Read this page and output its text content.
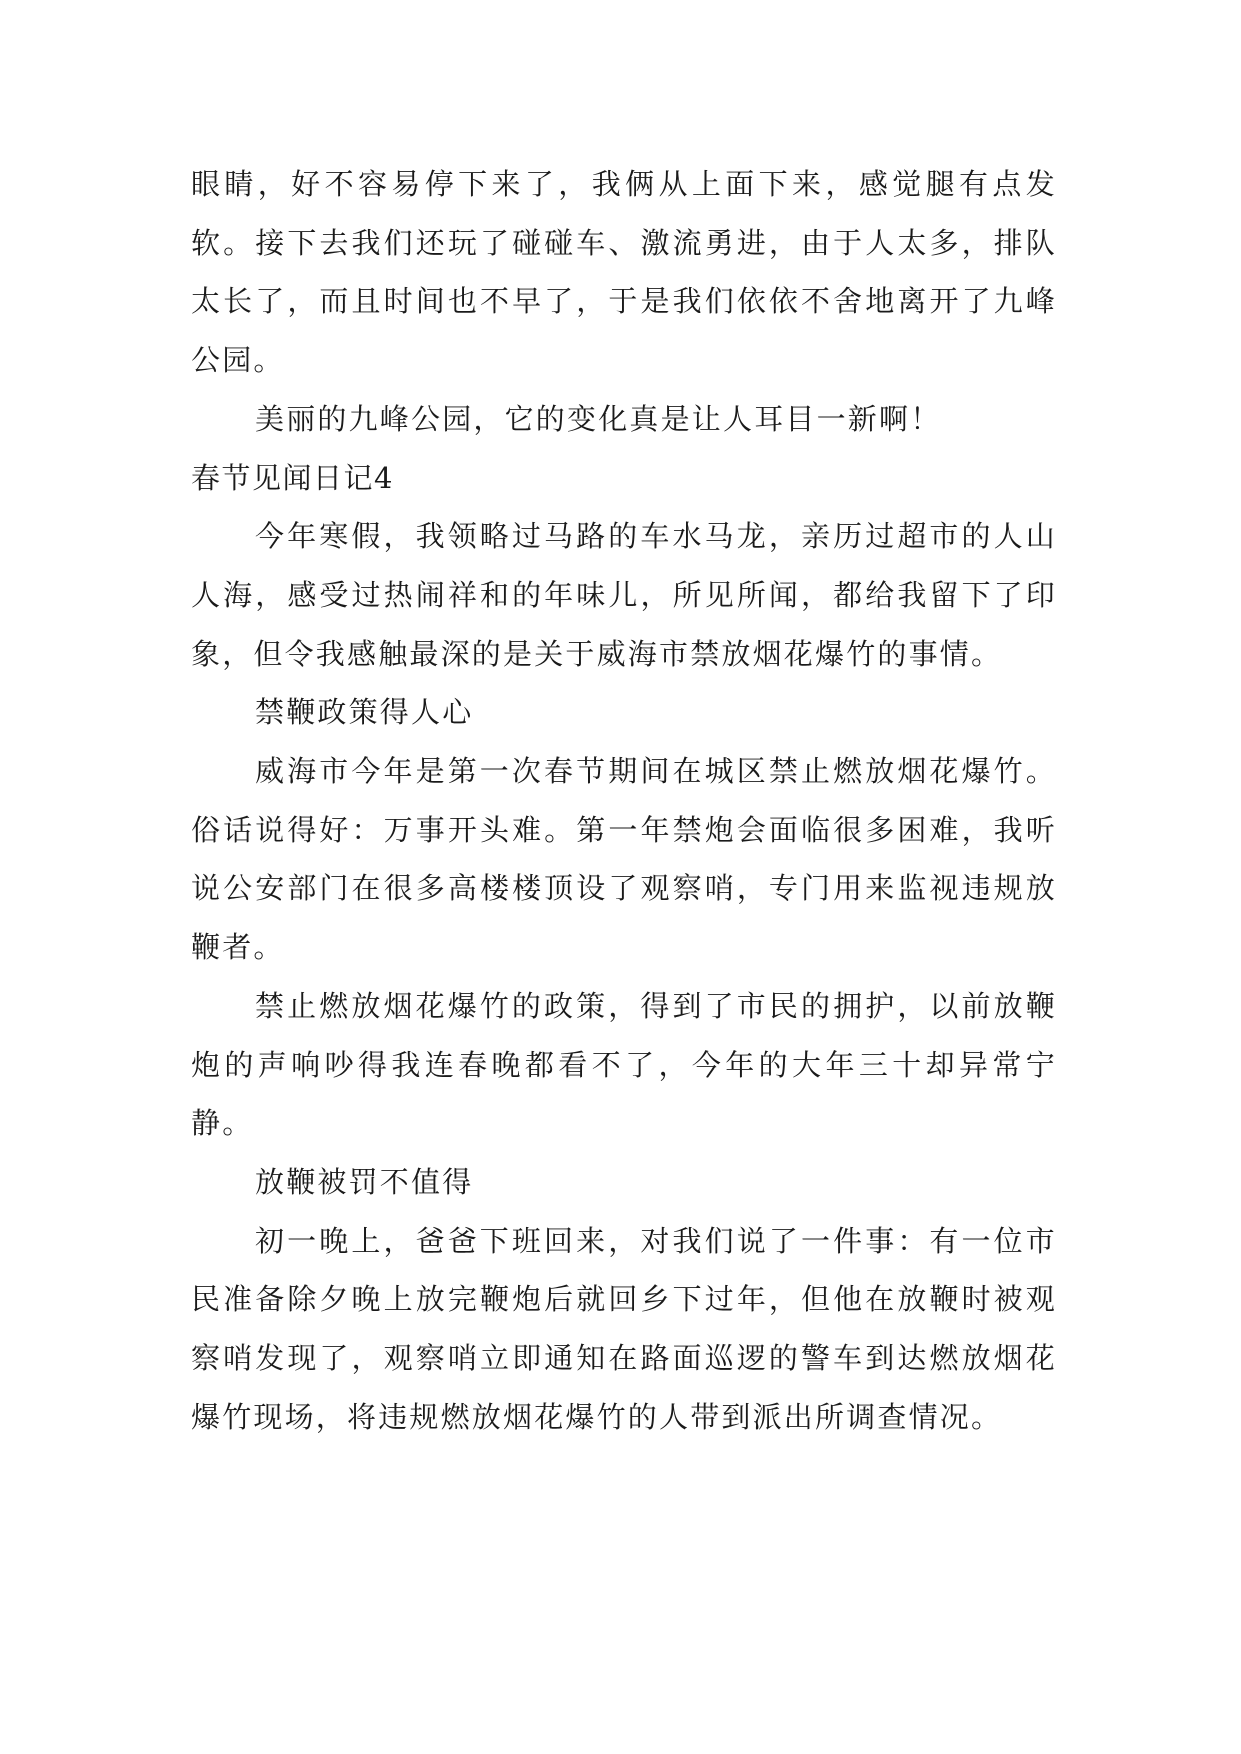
眼睛，好不容易停下来了，我俩从上面下来，感觉腿有点发软。接下去我们还玩了碰碰车、激流勇进，由于人太多，排队太长了，而且时间也不早了，于是我们依依不舍地离开了九峰公园。

美丽的九峰公园，它的变化真是让人耳目一新啊！

春节见闻日记4

今年寒假，我领略过马路的车水马龙，亲历过超市的人山人海，感受过热闹祥和的年味儿，所见所闻，都给我留下了印象，但令我感触最深的是关于威海市禁放烟花爆竹的事情。

禁鞭政策得人心

威海市今年是第一次春节期间在城区禁止燃放烟花爆竹。俗话说得好：万事开头难。第一年禁炮会面临很多困难，我听说公安部门在很多高楼楼顶设了观察哨，专门用来监视违规放鞭者。

禁止燃放烟花爆竹的政策，得到了市民的拥护，以前放鞭炮的声响吵得我连春晚都看不了，今年的大年三十却异常宁静。

放鞭被罚不值得

初一晚上，爸爸下班回来，对我们说了一件事：有一位市民准备除夕晚上放完鞭炮后就回乡下过年，但他在放鞭时被观察哨发现了，观察哨立即通知在路面巡逻的警车到达燃放烟花爆竹现场，将违规燃放烟花爆竹的人带到派出所调查情况。
